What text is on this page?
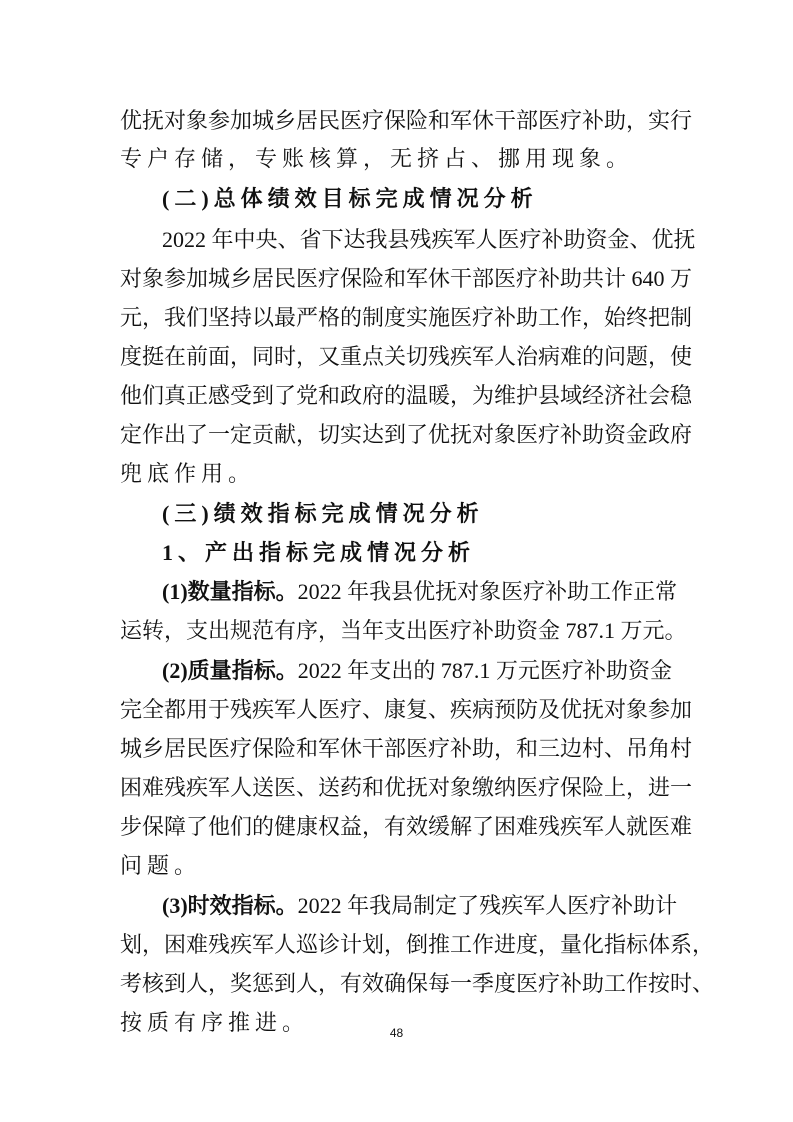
48
优抚对象参加城乡居民医疗保险和军休干部医疗补助，实行
专户存储，专账核算，无挤占、挪用现象。
(二)总体绩效目标完成情况分析
2022 年中央、省下达我县残疾军人医疗补助资金、优抚
对象参加城乡居民医疗保险和军休干部医疗补助共计 640 万
元，我们坚持以最严格的制度实施医疗补助工作，始终把制
度挺在前面，同时，又重点关切残疾军人治病难的问题，使
他们真正感受到了党和政府的温暖，为维护县域经济社会稳
定作出了一定贡献，切实达到了优抚对象医疗补助资金政府
兜底作用。
(三)绩效指标完成情况分析
1、产出指标完成情况分析
(1)数量指标。2022 年我县优抚对象医疗补助工作正常
运转，支出规范有序，当年支出医疗补助资金 787.1 万元。
(2)质量指标。2022 年支出的 787.1 万元医疗补助资金
完全都用于残疾军人医疗、康复、疾病预防及优抚对象参加
城乡居民医疗保险和军休干部医疗补助，和三边村、吊角村
困难残疾军人送医、送药和优抚对象缴纳医疗保险上，进一
步保障了他们的健康权益，有效缓解了困难残疾军人就医难
问题。
(3)时效指标。2022 年我局制定了残疾军人医疗补助计
划，困难残疾军人巡诊计划，倒推工作进度，量化指标体系，
考核到人，奖惩到人，有效确保每一季度医疗补助工作按时、
按质有序推进。
